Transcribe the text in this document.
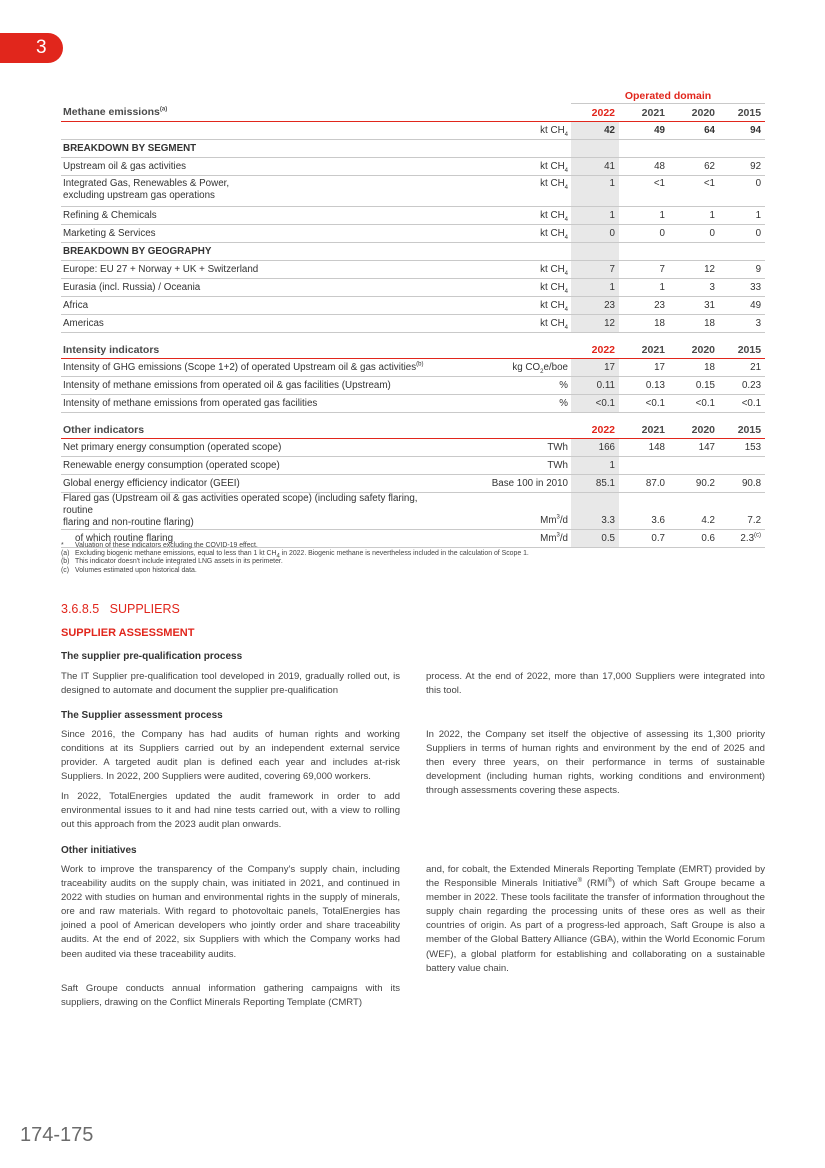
3
		Operated domain			
Methane emissions$^{(a)}$		2022	2021	2020	2015
	kt $CH_4$	42	49	64	94
BREAKDOWN BY SEGMENT					
Upstream oil & gas activities	kt $CH_4$	41	48	62	92
Integrated Gas, Renewables & Power,
excluding upstream gas operations	kt $CH_4$	1	<1	<1	0
Refining & Chemicals	kt $CH_4$	1	1	1	1
Marketing & Services	kt $CH_4$	0	0	0	0
BREAKDOWN BY GEOGRAPHY					
Europe: EU 27 + Norway + UK + Switzerland	kt $CH_4$	7	7	12	9
Eurasia (incl. Russia) / Oceania	kt $CH_4$	1	1	3	33
Africa	kt $CH_4$	23	23	31	49
Americas	kt $CH_4$	12	18	18	3

Intensity indicators		2022	2021	2020	2015
Intensity of GHG emissions (Scope 1+2) of operated Upstream oil & gas activities$^{(b)}$	kg $CO_2e$/boe	17	17	18	21
Intensity of methane emissions from operated oil & gas facilities (Upstream)	%	0.11	0.13	0.15	0.23
Intensity of methane emissions from operated gas facilities	%	<0.1	<0.1	<0.1	<0.1

Other indicators		2022	2021	2020	2015
Net primary energy consumption (operated scope)	TWh	166	148	147	153
Renewable energy consumption (operated scope)	TWh	1			
Global energy efficiency indicator (GEEI)	Base 100 in 2010	85.1	87.0	90.2	90.8
Flared gas (Upstream oil & gas activities operated scope) (including safety flaring, routine
flaring and non-routine flaring)	Mm$^3$/d	3.3	3.6	4.2	7.2
of which routine flaring	Mm$^3$/d	0.5	0.7	0.6	2.3$^{(c)}$
*	Valuation of these indicators excluding the COVID-19 effect.
(a) Excluding biogenic methane emissions, equal to less than 1 kt $CH_4$ in 2022. Biogenic methane is nevertheless included in the calculation of Scope 1.
(b) This indicator doesn't include integrated LNG assets in its perimeter.
(c) Volumes estimated upon historical data.
3.6.8.5   SUPPLIERS
SUPPLIER ASSESSMENT
The supplier pre-qualification process

The IT Supplier pre-qualification tool developed in 2019, gradually rolled out, is designed to automate and document the supplier pre-qualification

process. At the end of 2022, more than 17,000 Suppliers were integrated into this tool.

The Supplier assessment process

Since 2016, the Company has had audits of human rights and working conditions at its Suppliers carried out by an independent external service provider. A targeted audit plan is defined each year and includes at-risk Suppliers. In 2022, 200 Suppliers were audited, covering 69,000 workers.

In 2022, TotalEnergies updated the audit framework in order to add environmental issues to it and had nine tests carried out, with a view to rolling out this approach from the 2023 audit plan onwards.

In 2022, the Company set itself the objective of assessing its 1,300 priority Suppliers in terms of human rights and environment by the end of 2025 and then every three years, on their performance in terms of sustainable development (including human rights, working conditions and environment) through assessments covering these aspects.

Other initiatives

Work to improve the transparency of the Company's supply chain, including traceability audits on the supply chain, was initiated in 2021, and continued in 2022 with studies on human and environmental rights in the supply of minerals, ore and raw materials. With regard to photovoltaic panels, TotalEnergies has joined a pool of American developers who jointly order and share traceability audits. At the end of 2022, six Suppliers with which the Company works had been audited via these traceability audits.

Saft Groupe conducts annual information gathering campaigns with its suppliers, drawing on the Conflict Minerals Reporting Template (CMRT)

and, for cobalt, the Extended Minerals Reporting Template (EMRT) provided by the Responsible Minerals Initiative® (RMI®) of which Saft Groupe became a member in 2022. These tools facilitate the transfer of information throughout the supply chain regarding the processing units of these ores as well as their countries of origin. As part of a progress-led approach, Saft Groupe is also a member of the Global Battery Alliance (GBA), within the World Economic Forum (WEF), a global platform for establishing and collaborating on a sustainable battery value chain.

174-175
